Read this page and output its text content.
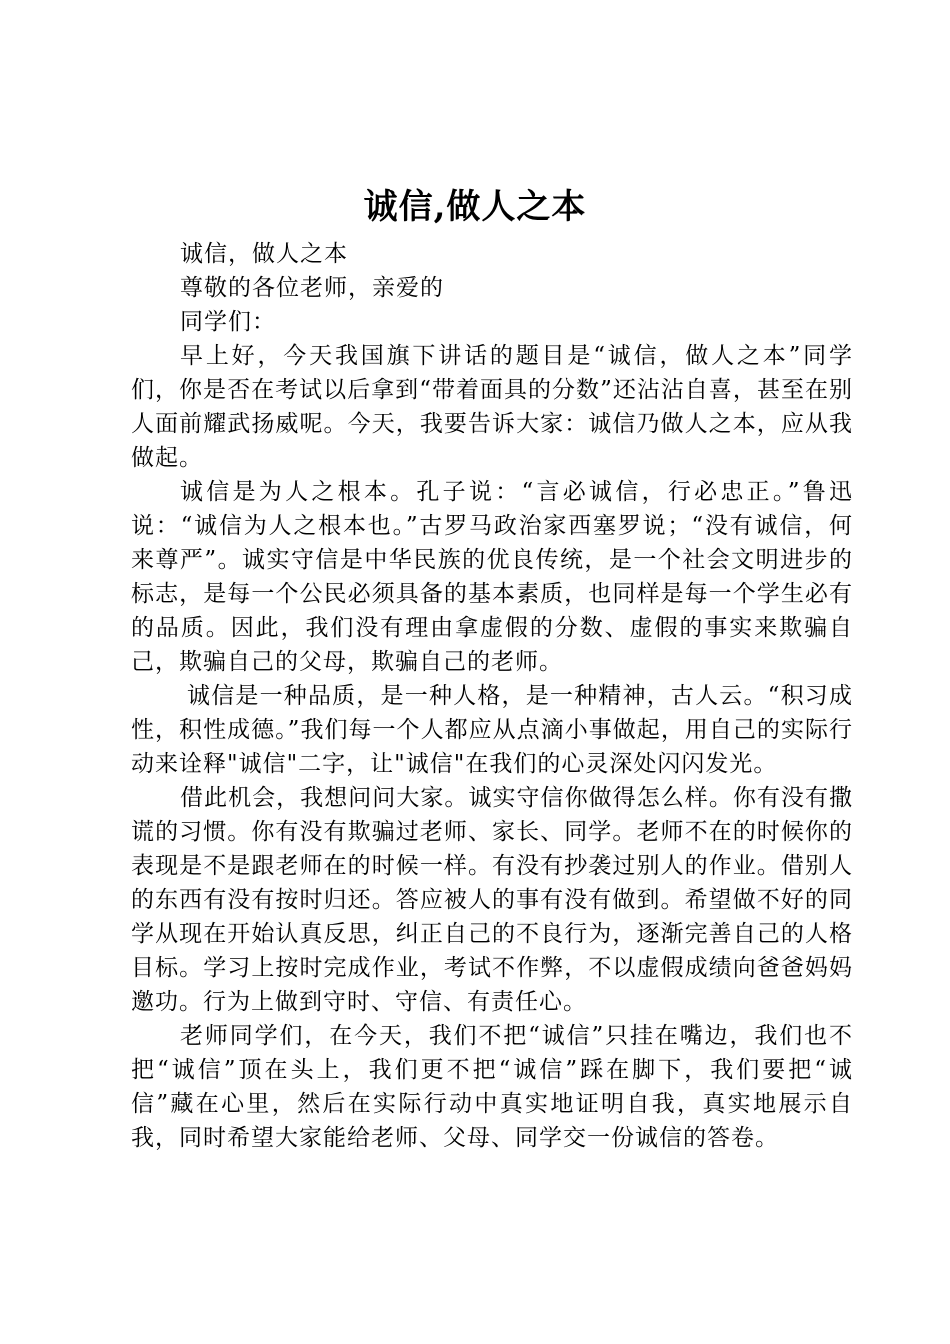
诚信,做人之本

诚信，做人之本

尊敬的各位老师，亲爱的

同学们：

早上好，今天我国旗下讲话的题目是“诚信，做人之本”同学们，你是否在考试以后拿到“带着面具的分数”还沾沾自喜，甚至在别人面前耀武扬威呢。今天，我要告诉大家：诚信乃做人之本，应从我做起。

诚信是为人之根本。孔子说：“言必诚信，行必忠正。”鲁迅说：“诚信为人之根本也。”古罗马政治家西塞罗说；“没有诚信，何来尊严”。诚实守信是中华民族的优良传统，是一个社会文明进步的标志，是每一个公民必须具备的基本素质，也同样是每一个学生必有的品质。因此，我们没有理由拿虚假的分数、虚假的事实来欺骗自己，欺骗自己的父母，欺骗自己的老师。

诚信是一种品质，是一种人格，是一种精神，古人云。“积习成性，积性成德。”我们每一个人都应从点滴小事做起，用自己的实际行动来诠释"诚信"二字，让"诚信"在我们的心灵深处闪闪发光。

借此机会，我想问问大家。诚实守信你做得怎么样。你有没有撒谎的习惯。你有没有欺骗过老师、家长、同学。老师不在的时候你的表现是不是跟老师在的时候一样。有没有抄袭过别人的作业。借别人的东西有没有按时归还。答应被人的事有没有做到。希望做不好的同学从现在开始认真反思，纠正自己的不良行为，逐渐完善自己的人格目标。学习上按时完成作业，考试不作弊，不以虚假成绩向爸爸妈妈邀功。行为上做到守时、守信、有责任心。

老师同学们，在今天，我们不把“诚信”只挂在嘴边，我们也不把“诚信”顶在头上，我们更不把“诚信”踩在脚下，我们要把“诚信”藏在心里，然后在实际行动中真实地证明自我，真实地展示自我，同时希望大家能给老师、父母、同学交一份诚信的答卷。
